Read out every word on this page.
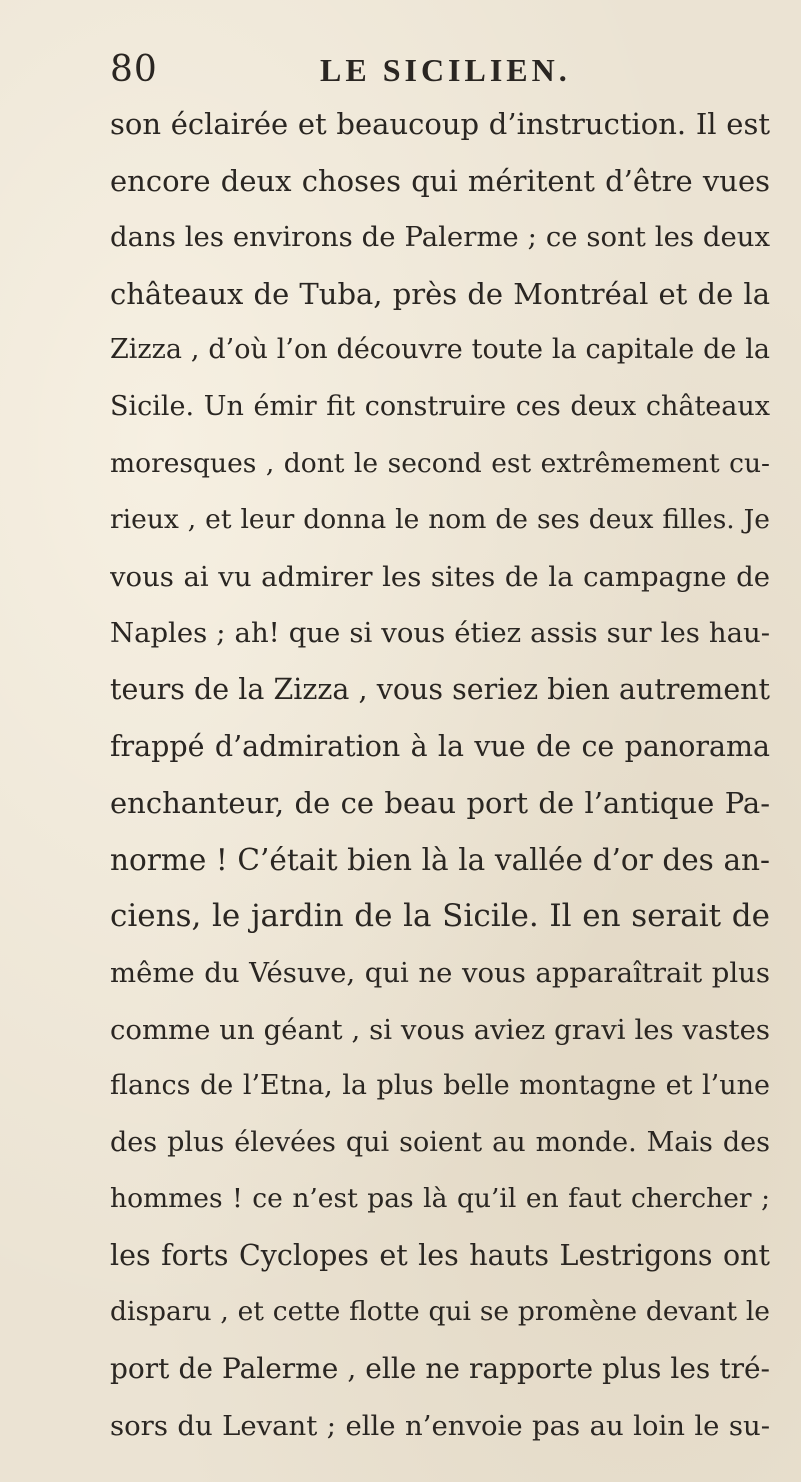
80	LE SICILIEN.
son éclairée et beaucoup d’instruction. Il est
encore deux choses qui méritent d’être vues
dans les environs de Palerme ; ce sont les deux
châteaux de Tuba, près de Montréal et de la
Zizza , d’où l’on découvre toute la capitale de la
Sicile. Un émir fit construire ces deux châteaux
moresques , dont le second est extrêmement cu-
rieux , et leur donna le nom de ses deux filles. Je
vous ai vu admirer les sites de la campagne de
Naples ; ah! que si vous étiez assis sur les hau-
teurs de la Zizza , vous seriez bien autrement
frappé d’admiration à la vue de ce panorama
enchanteur, de ce beau port de l’antique Pa-
norme ! C’était bien là la vallée d’or des an-
ciens, le jardin de la Sicile. Il en serait de
même du Vésuve, qui ne vous apparaîtrait plus
comme un géant , si vous aviez gravi les vastes
flancs de l’Etna, la plus belle montagne et l’une
des plus élevées qui soient au monde. Mais des
hommes ! ce n’est pas là qu’il en faut chercher ;
les forts Cyclopes et les hauts Lestrigons ont
disparu , et cette flotte qui se promène devant le
port de Palerme , elle ne rapporte plus les tré-
sors du Levant ; elle n’envoie pas au loin le su-
